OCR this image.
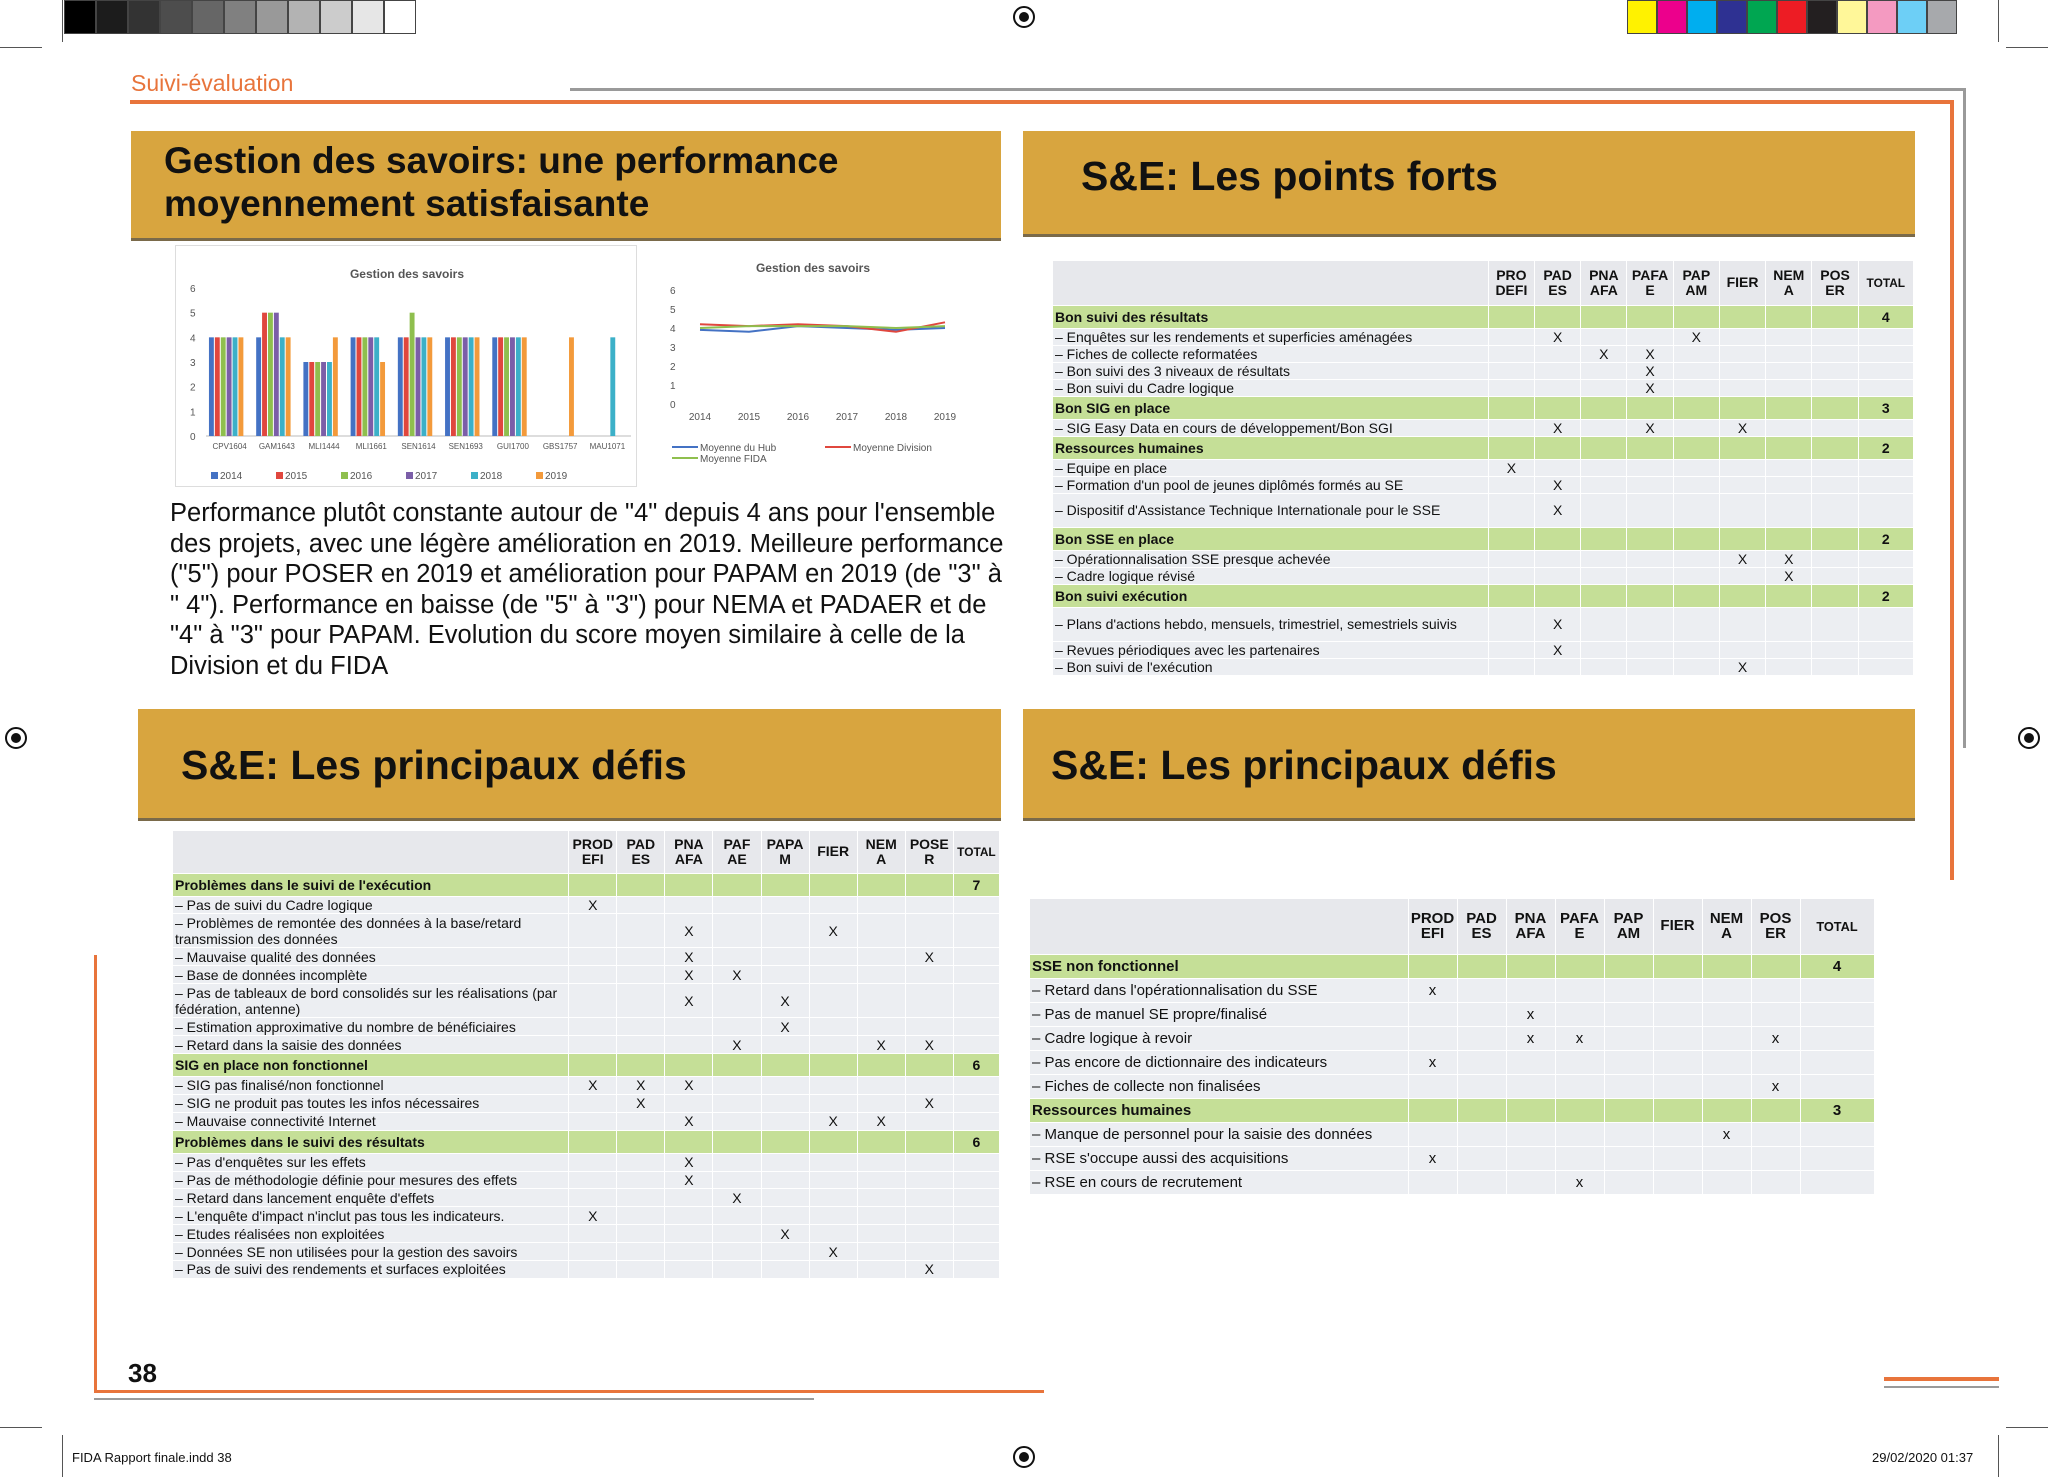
Suivi-évaluation
Gestion des savoirs: une performance
moyennement satisfaisante
Gestion des savoirs
0
1
2
3
4
5
6
CPV1604 GAM1643 MLI1444 MLI1661 SEN1614 SEN1693 GUI1700 GBS1757 MAU1071
2014	2015	2016	2017	2018	2019
Gestion des savoirs
0
1
2
3
4
5
6
2014	2015	2016	2017	2018	2019
Moyenne du Hub	Moyenne Division
Moyenne FIDA
Performance plutôt constante autour de "4" depuis 4 ans pour l'ensemble des projets, avec une légère amélioration en 2019. Meilleure performance ("5") pour POSER en 2019 et amélioration pour PAPAM en 2019 (de "3" à " 4"). Performance en baisse (de "5" à "3") pour NEMA et PADAER et de "4" à "3" pour PAPAM. Evolution du score moyen similaire à celle de la Division et du FIDA
S&E: Les points forts
	PRO DEFI	PAD ES	PNA AFA	PAFA E	PAP AM	FIER	NEM A	POS ER	TOTAL
Bon suivi des résultats									4
– Enquêtes sur les rendements et superficies aménagées		X			X				
– Fiches de collecte reformatées			X	X					
– Bon suivi des 3 niveaux de résultats				X					
– Bon suivi du Cadre logique				X					
Bon SIG en place									3
– SIG Easy Data en cours de développement/Bon SGI		X		X		X			
Ressources humaines									2
– Equipe en place	X								
– Formation d'un pool de jeunes diplômés formés au SE		X							
– Dispositif d'Assistance Technique Internationale pour le SSE		X							
Bon SSE en place									2
– Opérationnalisation SSE presque achevée						X	X		
– Cadre logique révisé							X		
Bon suivi exécution									2
– Plans d'actions hebdo, mensuels, trimestriel, semestriels suivis		X							
– Revues périodiques avec les partenaires		X							
– Bon suivi de l'exécution						X			
S&E: Les principaux défis
	PROD EFI	PAD ES	PNA AFA	PAF AE	PAPA M	FIER	NEM A	POSE R	TOTAL
Problèmes dans le suivi de l'exécution									7
– Pas de suivi du Cadre logique	X								
– Problèmes de remontée des données à la base/retard transmission des données			X			X			
– Mauvaise qualité des données			X					X	
– Base de données incomplète			X	X					
– Pas de tableaux de bord consolidés sur les réalisations (par fédération, antenne)			X		X				
– Estimation approximative du nombre de bénéficiaires					X				
– Retard dans la saisie des données				X			X	X	
SIG en place non fonctionnel									6
– SIG pas finalisé/non fonctionnel	X	X	X						
– SIG ne produit pas toutes les infos nécessaires		X						X	
– Mauvaise connectivité Internet			X			X	X		
Problèmes dans le suivi des résultats									6
– Pas d'enquêtes sur les effets			X						
– Pas de méthodologie définie pour mesures des effets			X						
– Retard dans lancement enquête d'effets				X					
– L'enquête d'impact n'inclut pas tous les indicateurs.	X								
– Etudes réalisées non exploitées					X				
– Données SE non utilisées pour la gestion des savoirs						X			
– Pas de suivi des rendements et surfaces exploitées								X	
S&E: Les principaux défis
	PROD EFI	PAD ES	PNA AFA	PAFA E	PAP AM	FIER	NEM A	POS ER	TOTAL
SSE non fonctionnel									4
– Retard dans l'opérationnalisation du SSE	x								
– Pas de manuel SE propre/finalisé			x						
– Cadre logique à revoir			x	x				x	
– Pas encore de dictionnaire des indicateurs	x								
– Fiches de collecte non finalisées								x	
Ressources humaines									3
– Manque de personnel pour la saisie des données							x		
– RSE s'occupe aussi des acquisitions	x								
– RSE en cours de recrutement				x					
38
FIDA Rapport finale.indd 38	29/02/2020 01:37
